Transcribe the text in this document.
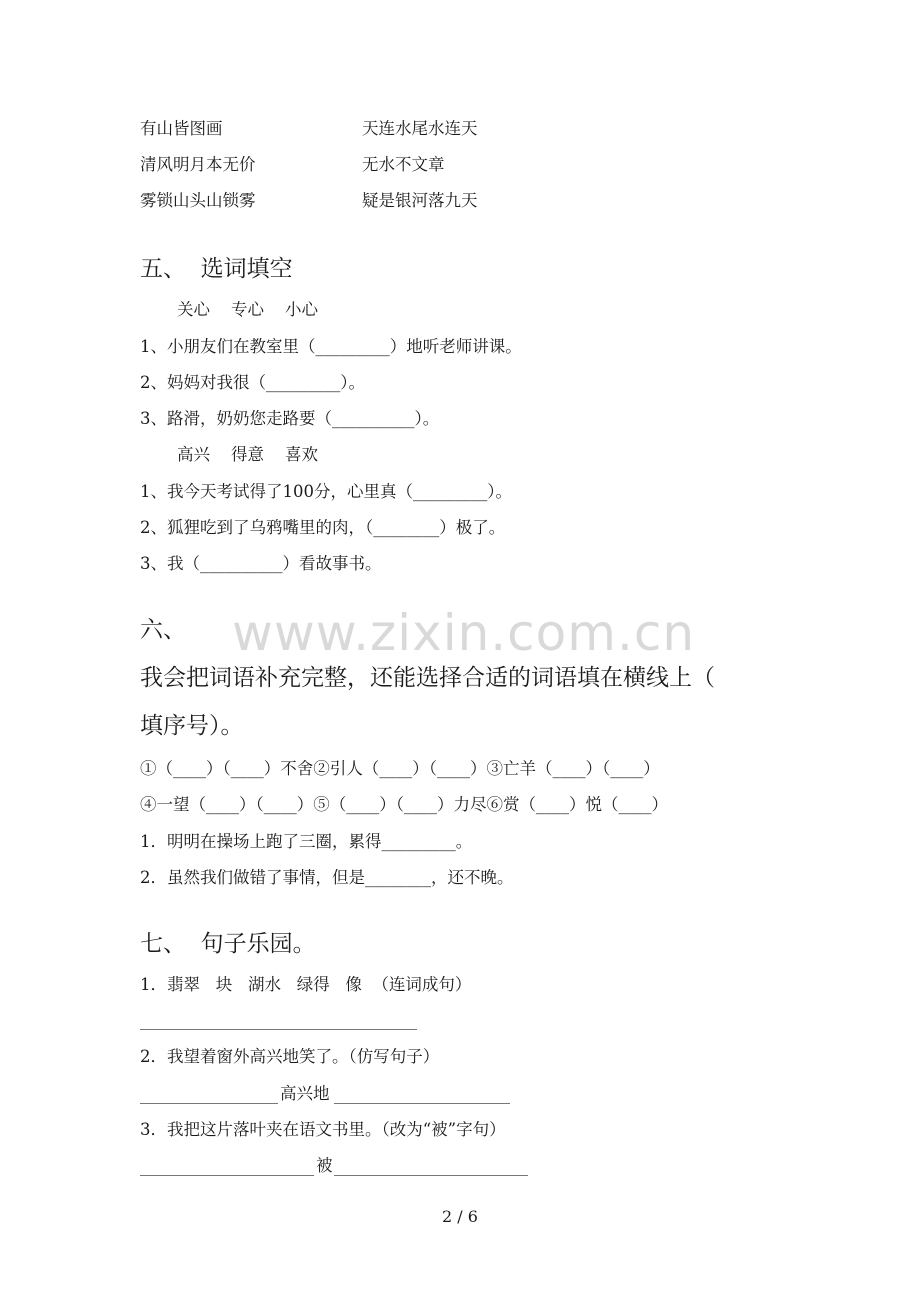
有山皆图画	天连水尾水连天
清风明月本无价	无水不文章
雾锁山头山锁雾	疑是银河落九天
五、  选词填空
关心    专心    小心
1、小朋友们在教室里（_________）地听老师讲课。
2、妈妈对我很（_________）。
3、路滑，奶奶您走路要（__________）。
高兴    得意    喜欢
1、我今天考试得了100分，心里真（_________）。
2、狐狸吃到了乌鸦嘴里的肉，（________）极了。
3、我（__________）看故事书。
www.zixin.com.cn
六、
我会把词语补充完整，还能选择合适的词语填在横线上（
填序号）。
①（____）（____）不舍②引人（____）（____）③亡羊（____）（____）
④一望（____）（____）⑤（____）（____）力尽⑥赏（____）悦（____）
1．明明在操场上跑了三圈，累得_________。
2．虽然我们做错了事情，但是________，还不晚。
七、  句子乐园。
1．翡翠   块   湖水   绿得   像  （连词成句）
2．我望着窗外高兴地笑了。（仿写句子）
高兴地
3．我把这片落叶夹在语文书里。（改为“被”字句）
被
2 / 6
